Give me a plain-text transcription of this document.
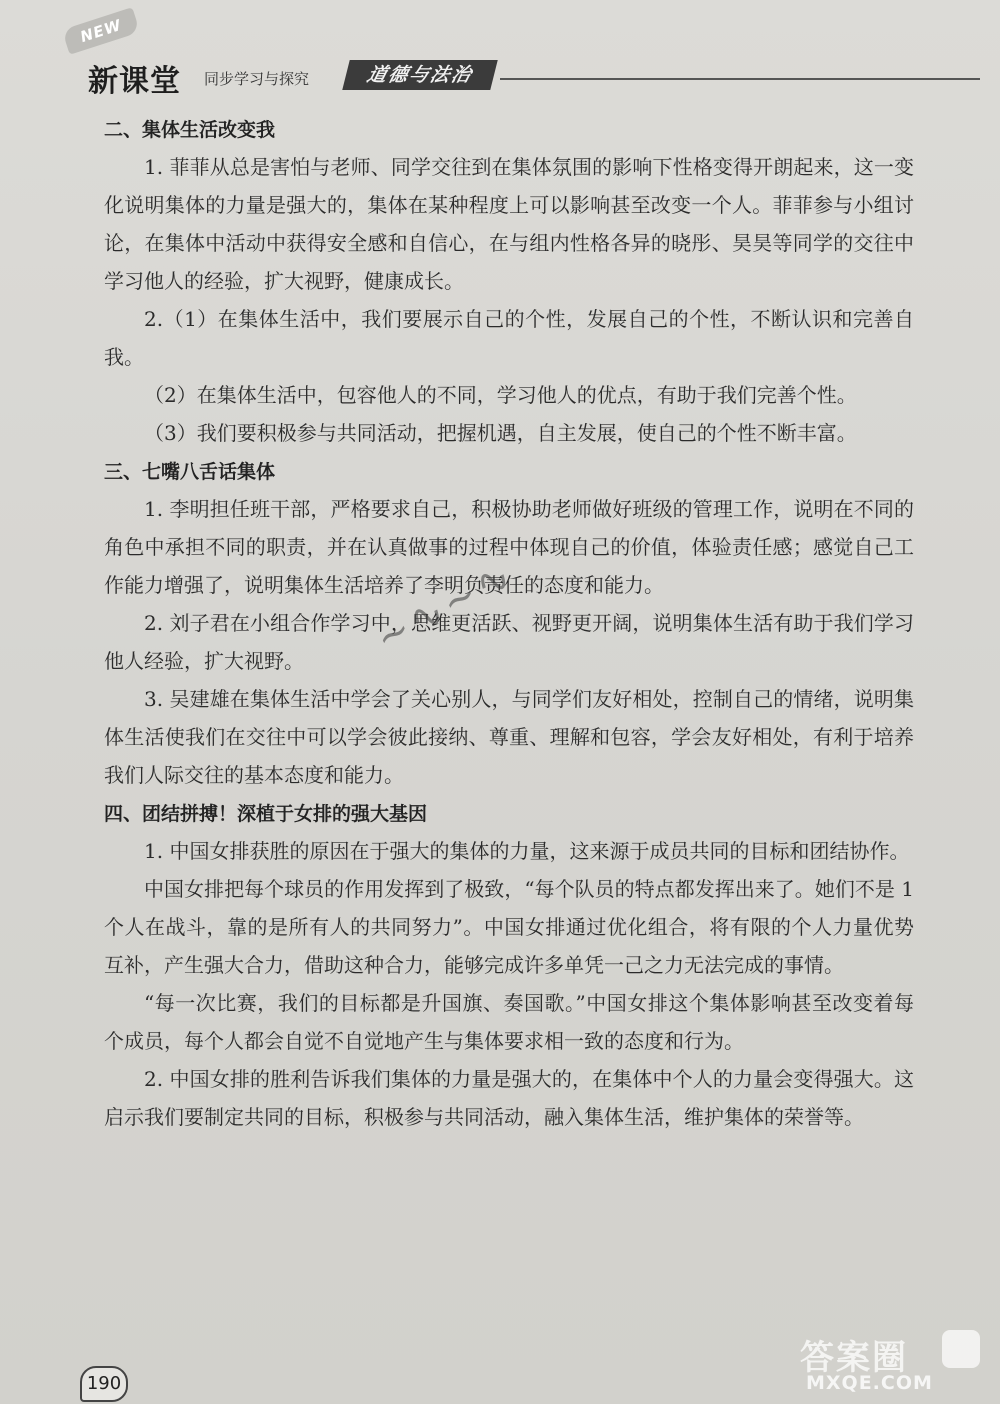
NEW
新课堂 同步学习与探究	道德与法治

二、集体生活改变我

1. 菲菲从总是害怕与老师、同学交往到在集体氛围的影响下性格变得开朗起来，这一变化说明集体的力量是强大的，集体在某种程度上可以影响甚至改变一个人。菲菲参与小组讨论，在集体中活动中获得安全感和自信心，在与组内性格各异的晓彤、昊昊等同学的交往中学习他人的经验，扩大视野，健康成长。

2.（1）在集体生活中，我们要展示自己的个性，发展自己的个性，不断认识和完善自我。

（2）在集体生活中，包容他人的不同，学习他人的优点，有助于我们完善个性。

（3）我们要积极参与共同活动，把握机遇，自主发展，使自己的个性不断丰富。

三、七嘴八舌话集体

1. 李明担任班干部，严格要求自己，积极协助老师做好班级的管理工作，说明在不同的角色中承担不同的职责，并在认真做事的过程中体现自己的价值，体验责任感；感觉自己工作能力增强了，说明集体生活培养了李明负责任的态度和能力。

2. 刘子君在小组合作学习中，思维更活跃、视野更开阔，说明集体生活有助于我们学习他人经验，扩大视野。

3. 吴建雄在集体生活中学会了关心别人，与同学们友好相处，控制自己的情绪，说明集体生活使我们在交往中可以学会彼此接纳、尊重、理解和包容，学会友好相处，有利于培养我们人际交往的基本态度和能力。

四、团结拼搏！深植于女排的强大基因

1. 中国女排获胜的原因在于强大的集体的力量，这来源于成员共同的目标和团结协作。

中国女排把每个球员的作用发挥到了极致，“每个队员的特点都发挥出来了。她们不是 1 个人在战斗，靠的是所有人的共同努力”。中国女排通过优化组合，将有限的个人力量优势互补，产生强大合力，借助这种合力，能够完成许多单凭一己之力无法完成的事情。

“每一次比赛，我们的目标都是升国旗、奏国歌。”中国女排这个集体影响甚至改变着每个成员，每个人都会自觉不自觉地产生与集体要求相一致的态度和行为。

2. 中国女排的胜利告诉我们集体的力量是强大的，在集体中个人的力量会变得强大。这启示我们要制定共同的目标，积极参与共同活动，融入集体生活，维护集体的荣誉等。

~∿~∿
190
答案圈
MXQE.COM
